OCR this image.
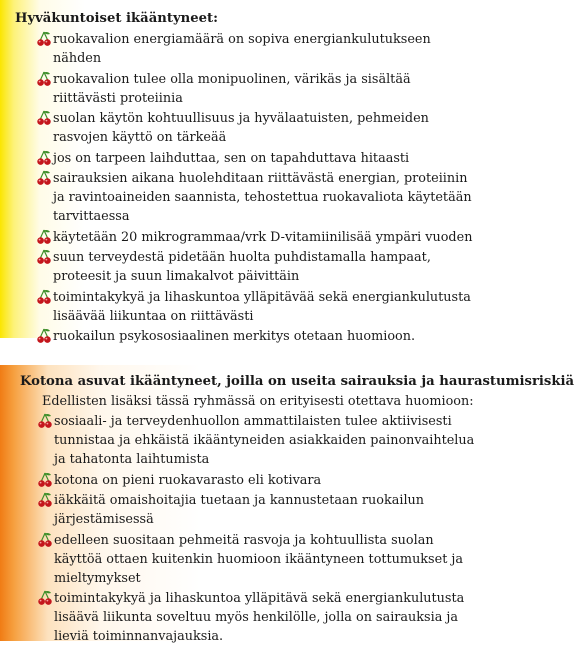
Hyväkuntoiset ikääntyneet:
ruokavalion energiamäärä on sopiva energiankulutukseen nähden
ruokavalion tulee olla monipuolinen, värikäs ja sisältää riittävästi proteiinia
suolan käytön kohtuullisuus ja hyvälaatuisten, pehmeiden rasvojen käyttö on tärkeää
jos on tarpeen laihduttaa, sen on tapahduttava hitaasti
sairauksien aikana huolehditaan riittävästä energian, proteiinin ja ravintoaineiden saannista, tehostettua ruokavaliota käytetään tarvittaessa
käytetään 20 mikrogrammaa/vrk D-vitamiinilisää ympäri vuoden
suun terveydestä pidetään huolta puhdistamalla hampaat, proteesit ja suun limakalvot päivittäin
toimintakykyä ja lihaskuntoa ylläpitävää sekä energiankulutusta lisäävää liikuntaa on riittävästi
ruokailun psykososiaalinen merkitys otetaan huomioon.
Kotona asuvat ikääntyneet, joilla on useita sairauksia ja haurastumisriskiä
Edellisten lisäksi tässä ryhmässä on erityisesti otettava huomioon:
sosiaali- ja terveydenhuollon ammattilaisten tulee aktiivisesti tunnistaa ja ehkäistä ikääntyneiden asiakkaiden painonvaihtelua ja tahatonta laihtumista
kotona on pieni ruokavarasto eli kotivara
iäkkäitä omaishoitajia tuetaan ja kannustetaan ruokailun järjestämisessä
edelleen suositaan pehmeitä rasvoja ja kohtuullista suolan käyttöä ottaen kuitenkin huomioon ikääntyneen tottumukset ja mieltymykset
toimintakykyä ja lihaskuntoa ylläpitävä sekä energiankulutusta lisäävä liikunta soveltuu myös henkilölle, jolla on sairauksia ja lieviä toiminnanvajauksia.
